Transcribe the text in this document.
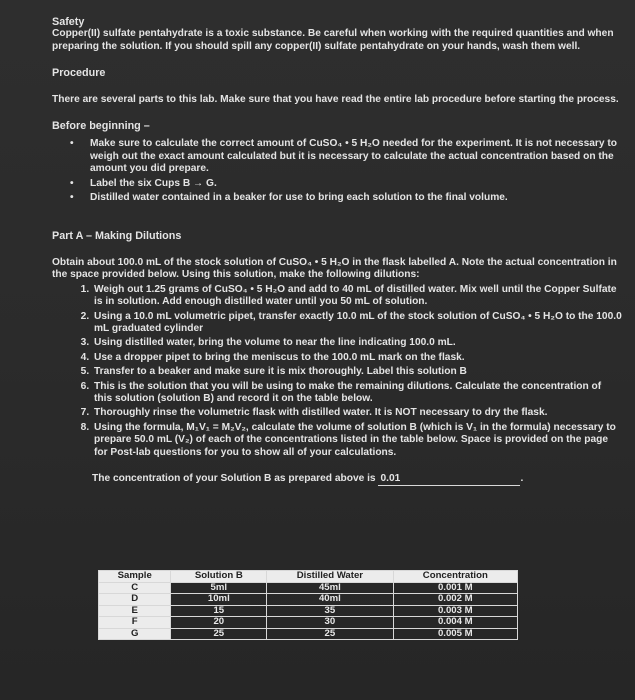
Safety

Copper(II) sulfate pentahydrate is a toxic substance. Be careful when working with the required quantities and when preparing the solution. If you should spill any copper(II) sulfate pentahydrate on your hands, wash them well.

Procedure

There are several parts to this lab. Make sure that you have read the entire lab procedure before starting the process.

Before beginning –
• Make sure to calculate the correct amount of CuSO₄ • 5 H₂O needed for the experiment. It is not necessary to weigh out the exact amount calculated but it is necessary to calculate the actual concentration based on the amount you did prepare.
• Label the six Cups B → G.
• Distilled water contained in a beaker for use to bring each solution to the final volume.
Part A – Making Dilutions

Obtain about 100.0 mL of the stock solution of CuSO₄ • 5 H₂O in the flask labelled A. Note the actual concentration in the space provided below. Using this solution, make the following dilutions:

1. Weigh out 1.25 grams of CuSO₄ • 5 H₂O and add to 40 mL of distilled water. Mix well until the Copper Sulfate is in solution. Add enough distilled water until you 50 mL of solution.
2. Using a 10.0 mL volumetric pipet, transfer exactly 10.0 mL of the stock solution of CuSO₄ • 5 H₂O to the 100.0 mL graduated cylinder
3. Using distilled water, bring the volume to near the line indicating 100.0 mL.
4. Use a dropper pipet to bring the meniscus to the 100.0 mL mark on the flask.
5. Transfer to a beaker and make sure it is mix thoroughly. Label this solution B
6. This is the solution that you will be using to make the remaining dilutions. Calculate the concentration of this solution (solution B) and record it on the table below.
7. Thoroughly rinse the volumetric flask with distilled water. It is NOT necessary to dry the flask.
8. Using the formula, M₁V₁ = M₂V₂, calculate the volume of solution B (which is V₁ in the formula) necessary to prepare 50.0 mL (V₂) of each of the concentrations listed in the table below. Space is provided on the page for Post-lab questions for you to show all of your calculations.
The concentration of your Solution B as prepared above is 0.01	.
Sample	Solution B	Distilled Water	Concentration
C	5ml	45ml	0.001 M
D	10ml	40ml	0.002 M
E	15	35	0.003 M
F	20	30	0.004 M
G	25	25	0.005 M
